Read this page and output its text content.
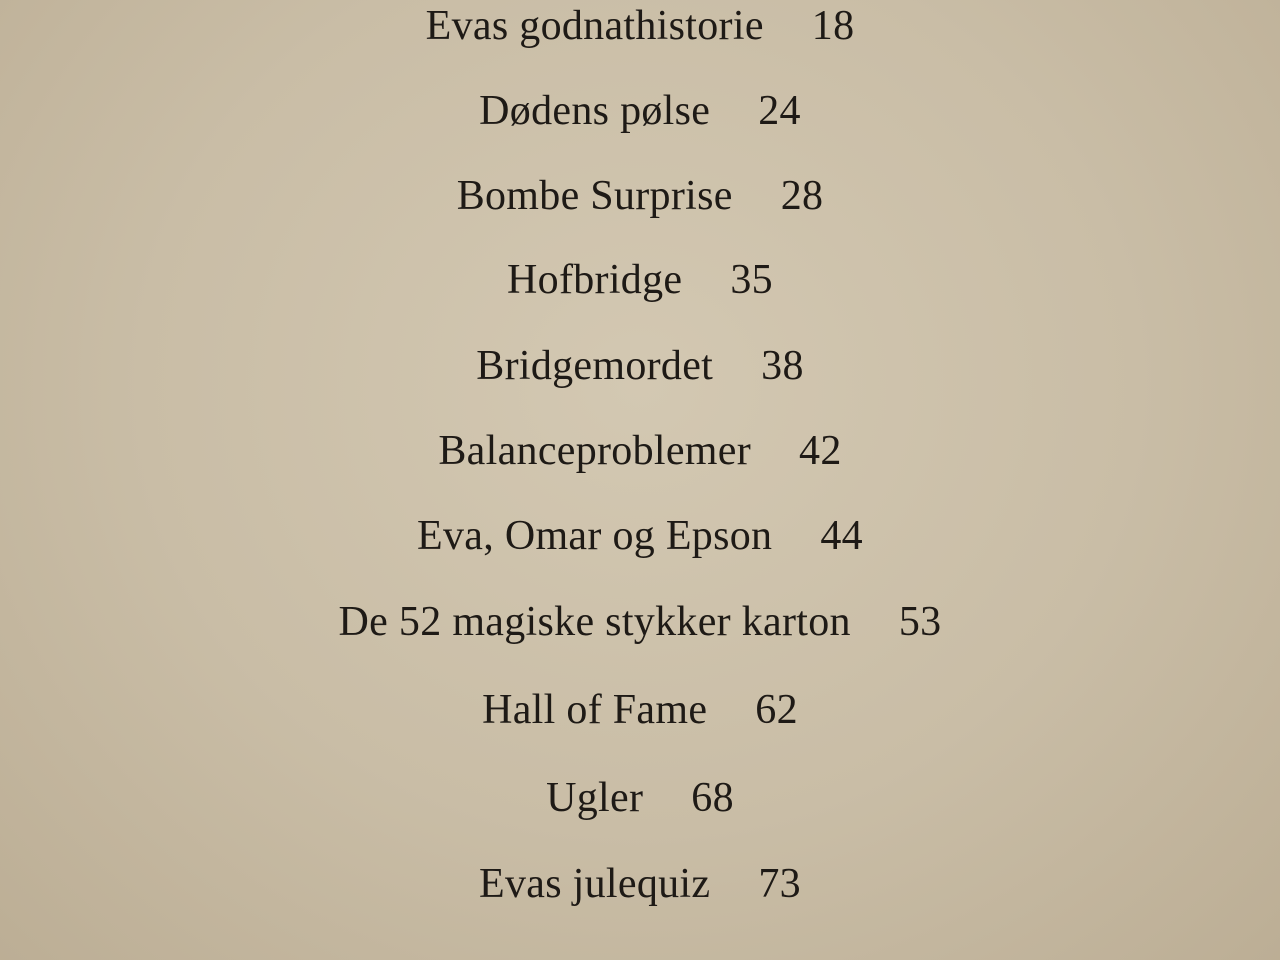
Evas godnathistorie 18
Dødens pølse 24
Bombe Surprise 28
Hofbridge 35
Bridgemordet 38
Balanceproblemer 42
Eva, Omar og Epson 44
De 52 magiske stykker karton 53
Hall of Fame 62
Ugler 68
Evas julequiz 73
